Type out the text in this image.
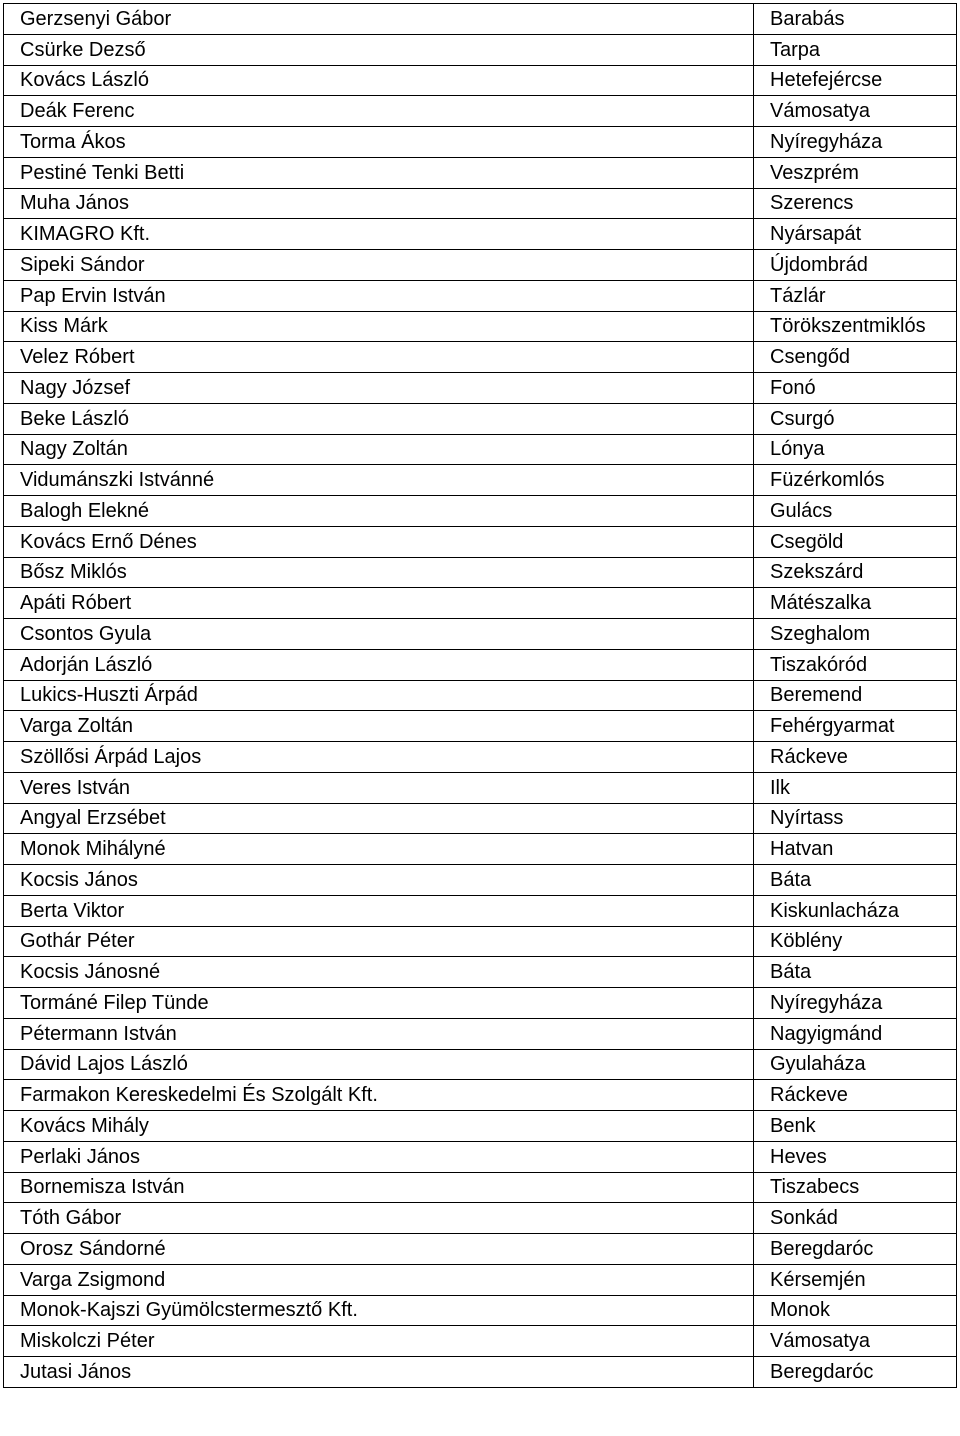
Gerzsenyi Gábor	Barabás
Csürke Dezső	Tarpa
Kovács László	Hetefejércse
Deák Ferenc	Vámosatya
Torma Ákos	Nyíregyháza
Pestiné Tenki Betti	Veszprém
Muha János	Szerencs
KIMAGRO Kft.	Nyársapát
Sipeki Sándor	Újdombrád
Pap Ervin István	Tázlár
Kiss Márk	Törökszentmiklós
Velez Róbert	Csengőd
Nagy József	Fonó
Beke László	Csurgó
Nagy Zoltán	Lónya
Vidumánszki Istvánné	Füzérkomlós
Balogh Elekné	Gulács
Kovács Ernő Dénes	Csegöld
Bősz Miklós	Szekszárd
Apáti Róbert	Mátészalka
Csontos Gyula	Szeghalom
Adorján László	Tiszakóród
Lukics-Huszti Árpád	Beremend
Varga Zoltán	Fehérgyarmat
Szöllősi Árpád Lajos	Ráckeve
Veres István	Ilk
Angyal Erzsébet	Nyírtass
Monok Mihályné	Hatvan
Kocsis János	Báta
Berta Viktor	Kiskunlacháza
Gothár Péter	Köblény
Kocsis Jánosné	Báta
Tormáné Filep Tünde	Nyíregyháza
Pétermann István	Nagyigmánd
Dávid Lajos László	Gyulaháza
Farmakon Kereskedelmi És Szolgált Kft.	Ráckeve
Kovács Mihály	Benk
Perlaki János	Heves
Bornemisza István	Tiszabecs
Tóth Gábor	Sonkád
Orosz Sándorné	Beregdaróc
Varga Zsigmond	Kérsemjén
Monok-Kajszi Gyümölcstermesztő Kft.	Monok
Miskolczi Péter	Vámosatya
Jutasi János	Beregdaróc
